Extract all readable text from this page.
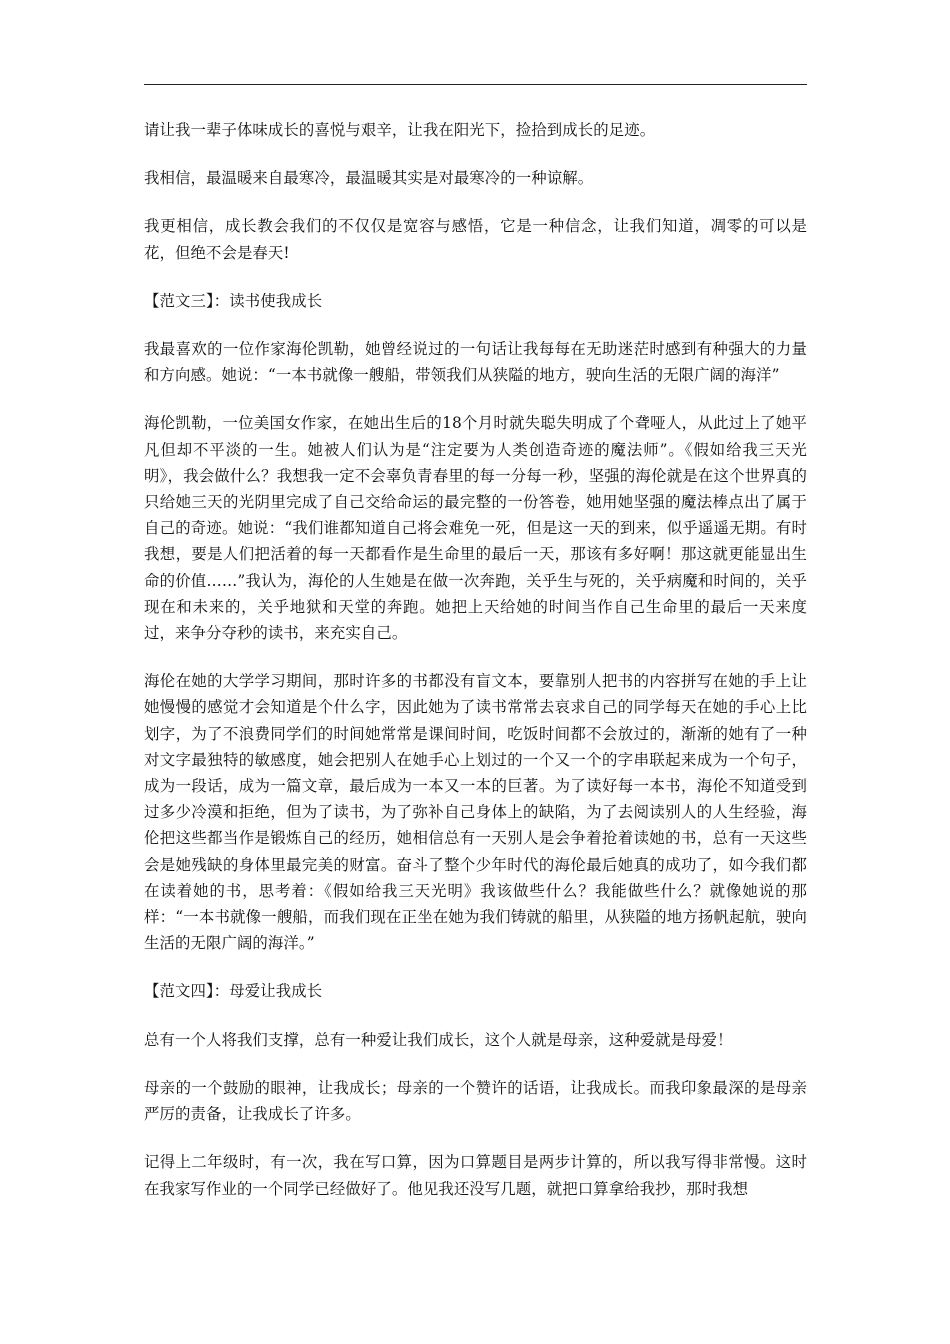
请让我一辈子体味成长的喜悦与艰辛，让我在阳光下，捡拾到成长的足迹。

我相信，最温暖来自最寒冷，最温暖其实是对最寒冷的一种谅解。

我更相信，成长教会我们的不仅仅是宽容与感悟，它是一种信念，让我们知道，凋零的可以是花，但绝不会是春天!

【范文三】：读书使我成长

我最喜欢的一位作家海伦凯勒，她曾经说过的一句话让我每每在无助迷茫时感到有种强大的力量和方向感。她说：“一本书就像一艘船，带领我们从狭隘的地方，驶向生活的无限广阔的海洋”

海伦凯勒，一位美国女作家，在她出生后的18个月时就失聪失明成了个聋哑人，从此过上了她平凡但却不平淡的一生。她被人们认为是“注定要为人类创造奇迹的魔法师”。《假如给我三天光明》，我会做什么？我想我一定不会辜负青春里的每一分每一秒，坚强的海伦就是在这个世界真的只给她三天的光阴里完成了自己交给命运的最完整的一份答卷，她用她坚强的魔法棒点出了属于自己的奇迹。她说：“我们谁都知道自己将会难免一死，但是这一天的到来，似乎遥遥无期。有时我想，要是人们把活着的每一天都看作是生命里的最后一天，那该有多好啊！那这就更能显出生命的价值……”我认为，海伦的人生她是在做一次奔跑，关乎生与死的，关乎病魔和时间的，关乎现在和未来的，关乎地狱和天堂的奔跑。她把上天给她的时间当作自己生命里的最后一天来度过，来争分夺秒的读书，来充实自己。

海伦在她的大学学习期间，那时许多的书都没有盲文本，要靠别人把书的内容拼写在她的手上让她慢慢的感觉才会知道是个什么字，因此她为了读书常常去哀求自己的同学每天在她的手心上比划字，为了不浪费同学们的时间她常常是课间时间，吃饭时间都不会放过的，渐渐的她有了一种对文字最独特的敏感度，她会把别人在她手心上划过的一个又一个的字串联起来成为一个句子，成为一段话，成为一篇文章，最后成为一本又一本的巨著。为了读好每一本书，海伦不知道受到过多少冷漠和拒绝，但为了读书，为了弥补自己身体上的缺陷，为了去阅读别人的人生经验，海伦把这些都当作是锻炼自己的经历，她相信总有一天别人是会争着抢着读她的书，总有一天这些会是她残缺的身体里最完美的财富。奋斗了整个少年时代的海伦最后她真的成功了，如今我们都在读着她的书，思考着：《假如给我三天光明》我该做些什么？我能做些什么？就像她说的那样：“一本书就像一艘船，而我们现在正坐在她为我们铸就的船里，从狭隘的地方扬帆起航，驶向生活的无限广阔的海洋。”

【范文四】：母爱让我成长

总有一个人将我们支撑，总有一种爱让我们成长，这个人就是母亲，这种爱就是母爱！

母亲的一个鼓励的眼神，让我成长；母亲的一个赞许的话语，让我成长。而我印象最深的是母亲严厉的责备，让我成长了许多。

记得上二年级时，有一次，我在写口算，因为口算题目是两步计算的，所以我写得非常慢。这时在我家写作业的一个同学已经做好了。他见我还没写几题，就把口算拿给我抄，那时我想
